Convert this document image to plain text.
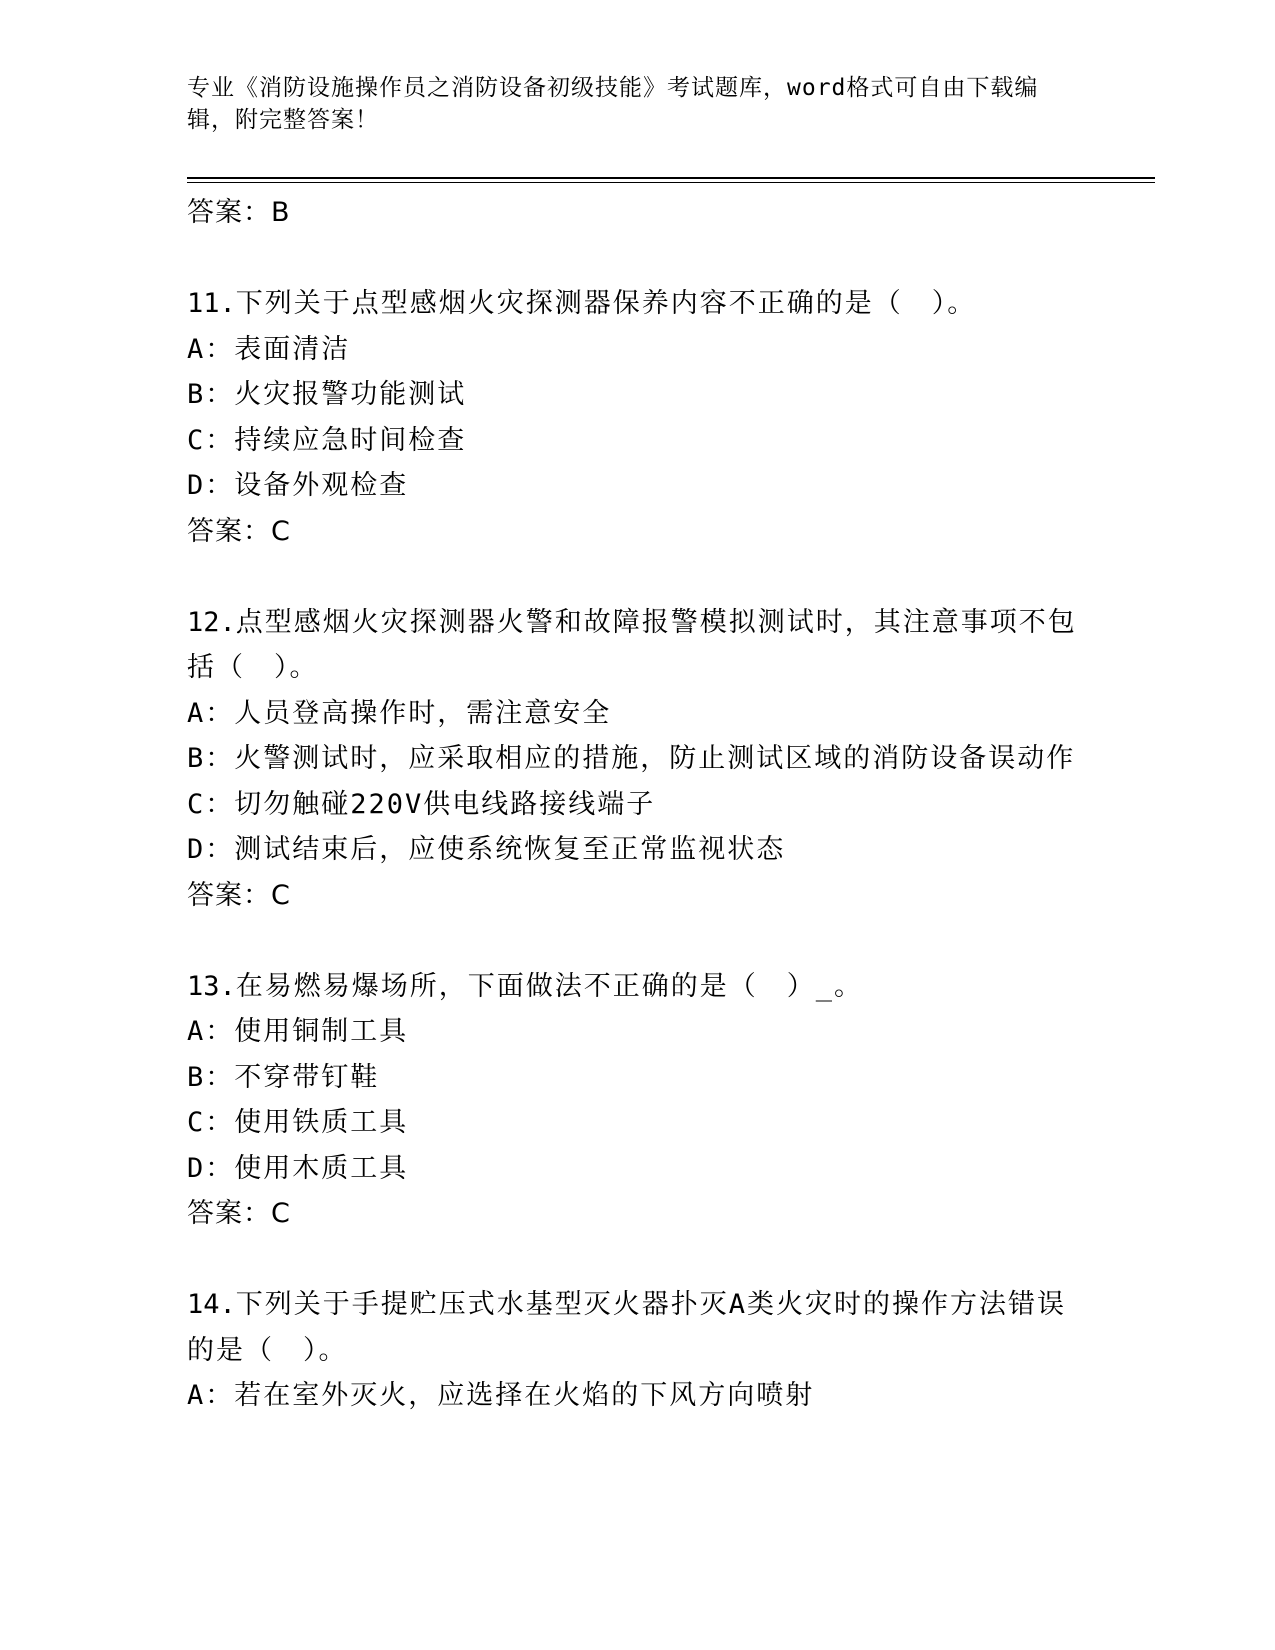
专业《消防设施操作员之消防设备初级技能》考试题库，word格式可自由下载编辑，附完整答案！
答案：B
11.下列关于点型感烟火灾探测器保养内容不正确的是（　）。
A：表面清洁
B：火灾报警功能测试
C：持续应急时间检查
D：设备外观检查
答案：C
12.点型感烟火灾探测器火警和故障报警模拟测试时，其注意事项不包括（　）。
A：人员登高操作时，需注意安全
B：火警测试时，应采取相应的措施，防止测试区域的消防设备误动作
C：切勿触碰220V供电线路接线端子
D：测试结束后，应使系统恢复至正常监视状态
答案：C
13.在易燃易爆场所，下面做法不正确的是（　）_。
A：使用铜制工具
B：不穿带钉鞋
C：使用铁质工具
D：使用木质工具
答案：C
14.下列关于手提贮压式水基型灭火器扑灭A类火灾时的操作方法错误的是（　）。
A：若在室外灭火，应选择在火焰的下风方向喷射
